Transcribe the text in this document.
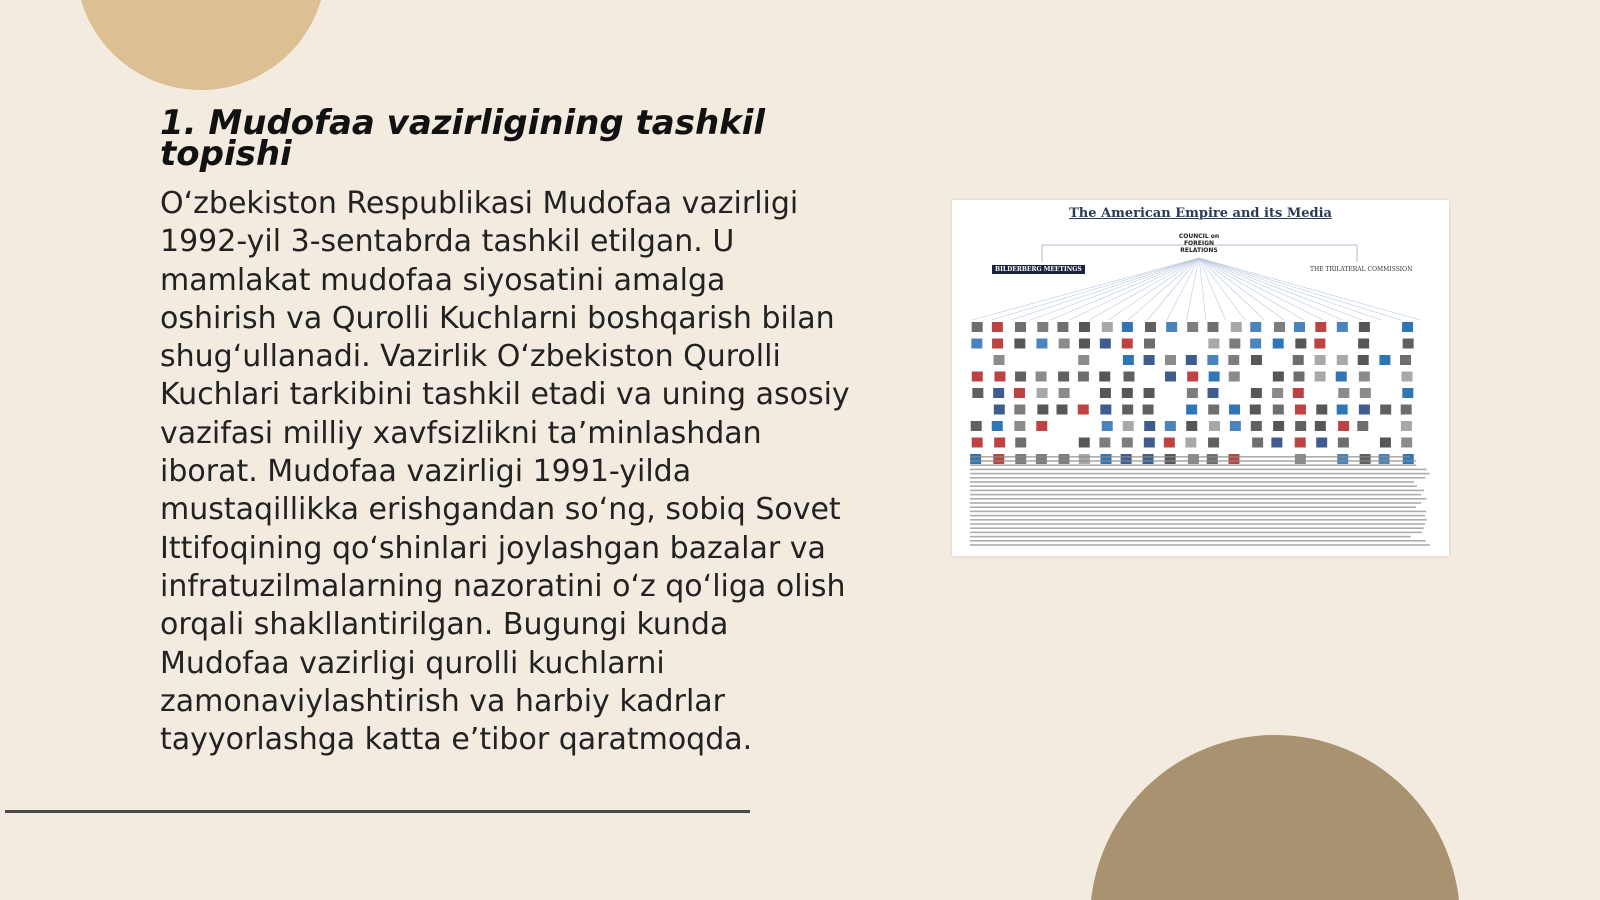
1. Mudofaa vazirligining tashkil topishi

O‘zbekiston Respublikasi Mudofaa vazirligi 1992-yil 3-sentabrda tashkil etilgan. U mamlakat mudofaa siyosatini amalga oshirish va Qurolli Kuchlarni boshqarish bilan shug‘ullanadi. Vazirlik O‘zbekiston Qurolli Kuchlari tarkibini tashkil etadi va uning asosiy vazifasi milliy xavfsizlikni ta’minlashdan iborat. Mudofaa vazirligi 1991-yilda mustaqillikka erishgandan so‘ng, sobiq Sovet Ittifoqining qo‘shinlari joylashgan bazalar va infratuzilmalarning nazoratini o‘z qo‘liga olish orqali shakllantirilgan. Bugungi kunda Mudofaa vazirligi qurolli kuchlarni zamonaviylashtirish va harbiy kadrlar tayyorlashga katta e’tibor qaratmoqda.

The American Empire and its Media
COUNCIL on FOREIGN RELATIONS
BILDERBERG MEETINGS	THE TRILATERAL COMMISSION
